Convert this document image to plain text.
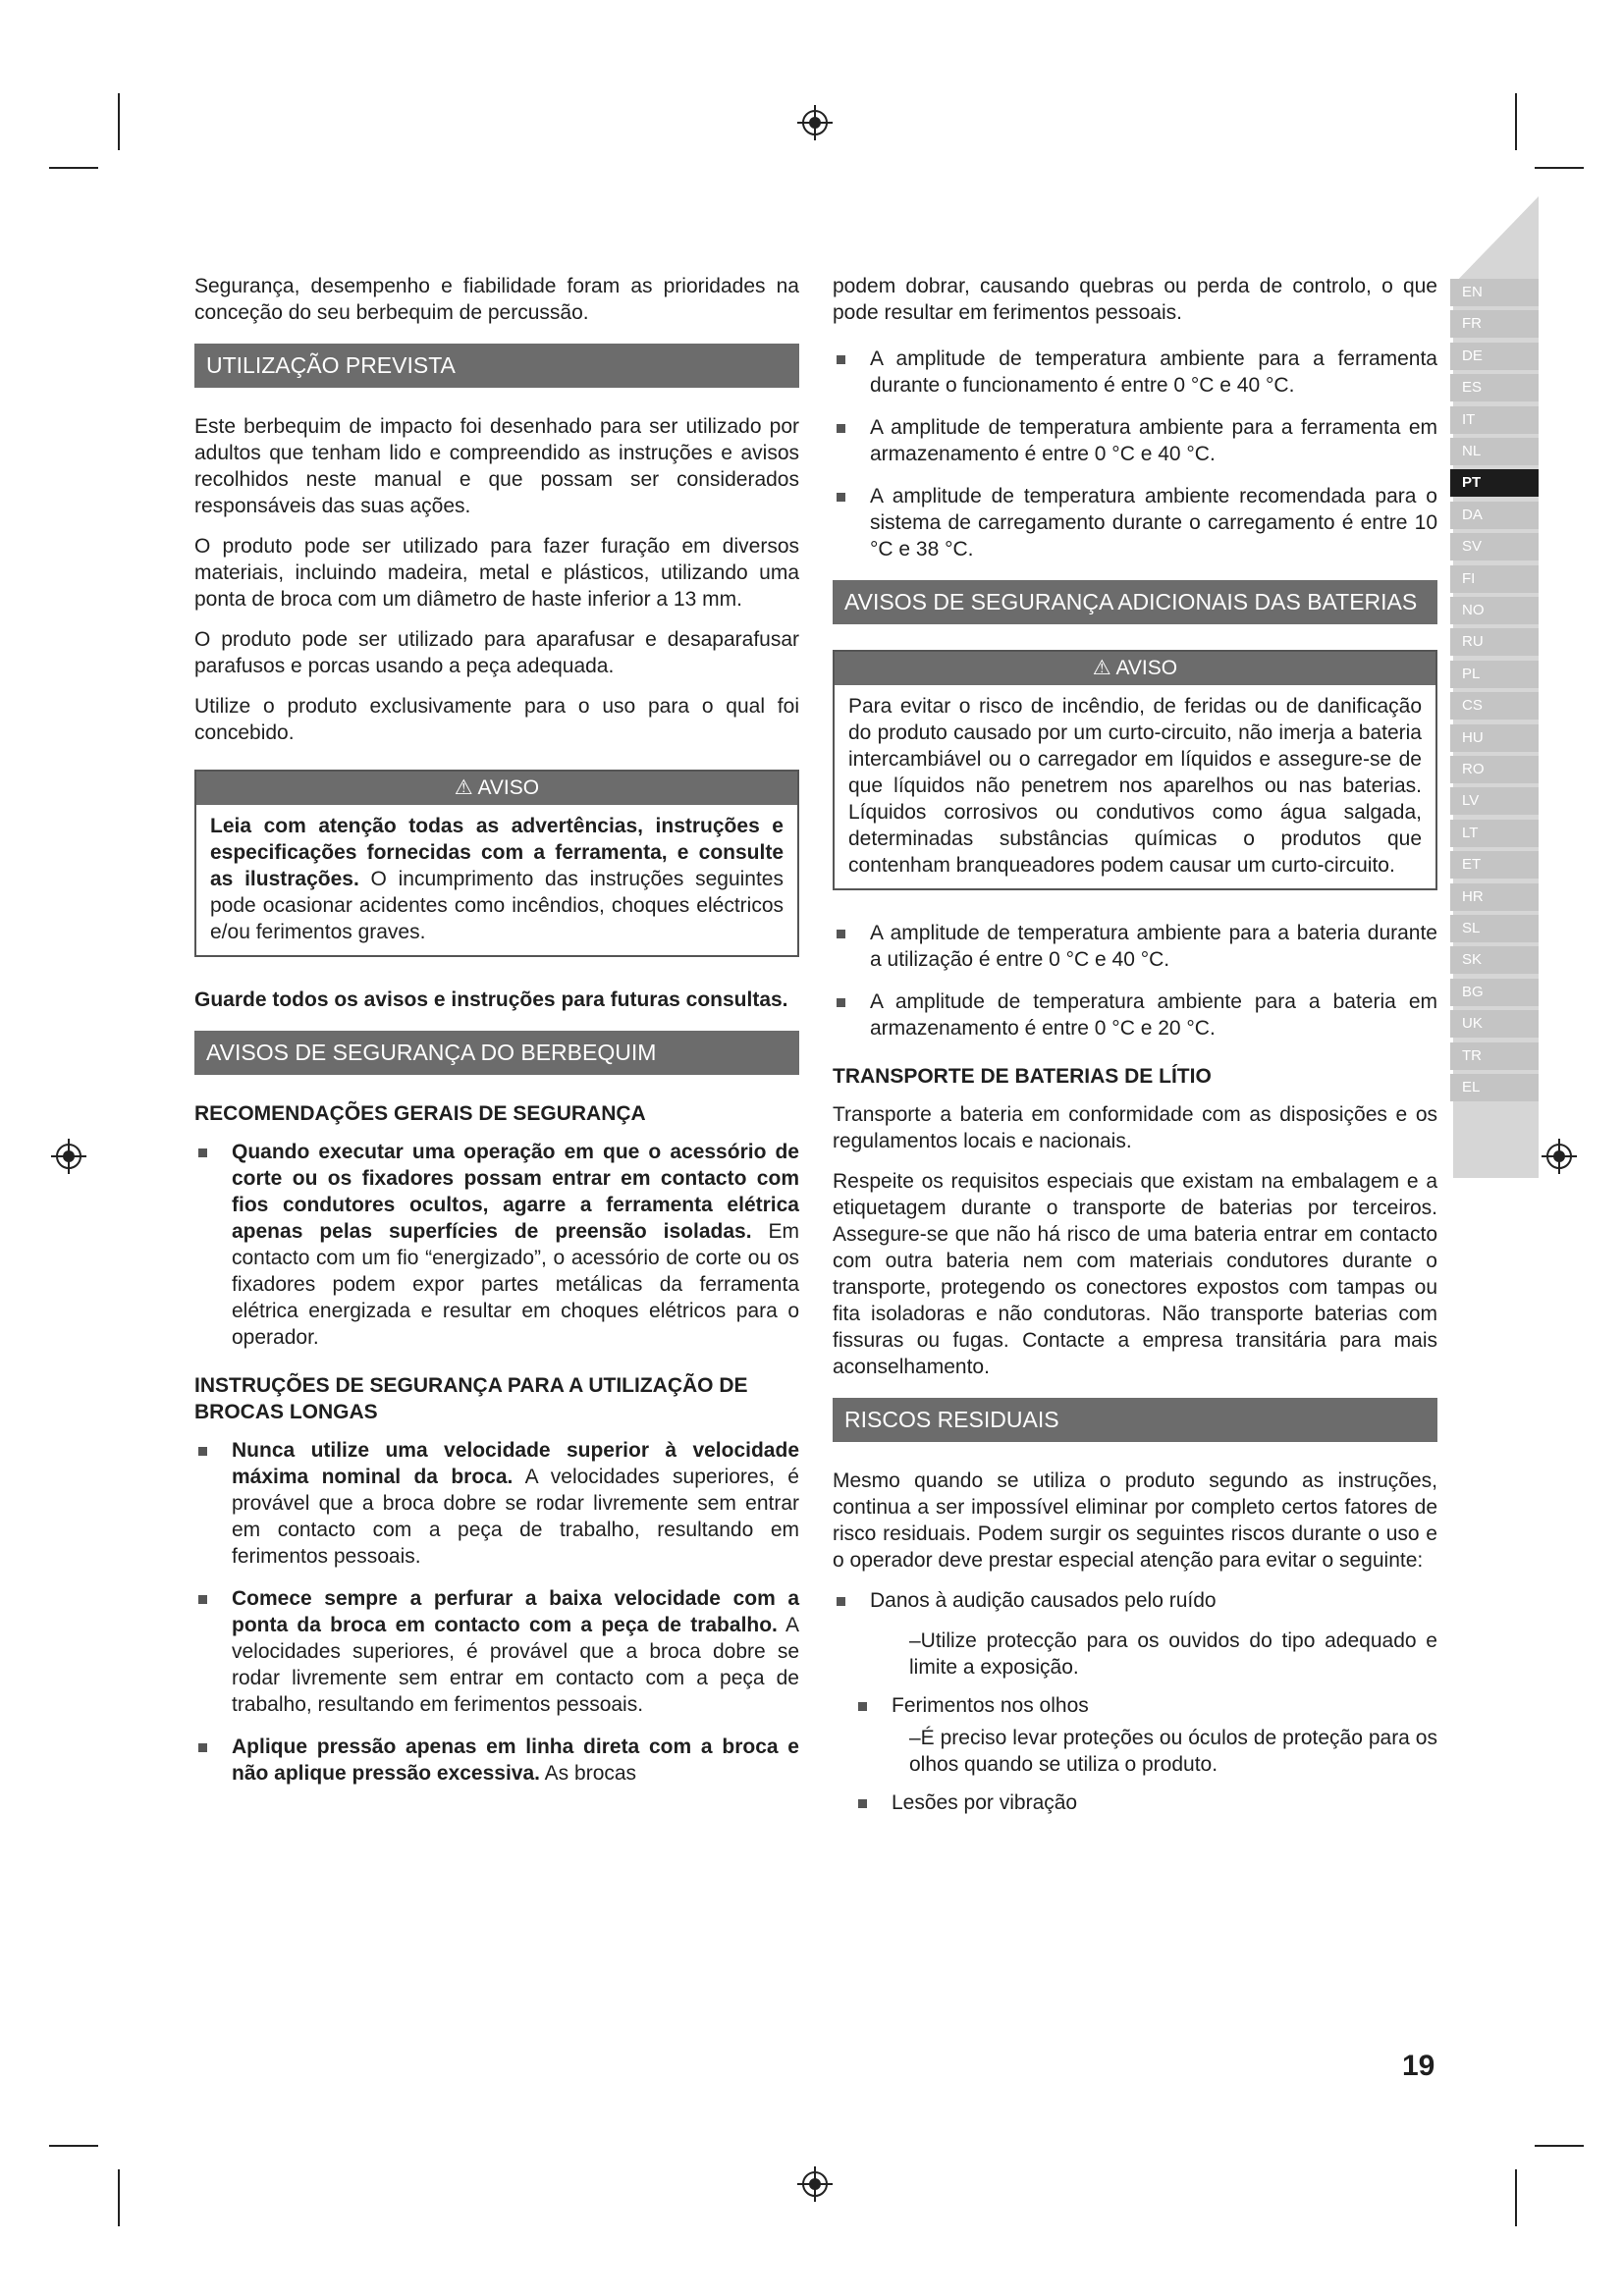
EN
FR
DE
ES
IT
NL
PT
DA
SV
FI
NO
RU
PL
CS
HU
RO
LV
LT
ET
HR
SL
SK
BG
UK
TR
EL

Segurança, desempenho e fiabilidade foram as prioridades na conceção do seu berbequim de percussão.

UTILIZAÇÃO PREVISTA

Este berbequim de impacto foi desenhado para ser utilizado por adultos que tenham lido e compreendido as instruções e avisos recolhidos neste manual e que possam ser considerados responsáveis das suas ações.

O produto pode ser utilizado para fazer furação em diversos materiais, incluindo madeira, metal e plásticos, utilizando uma ponta de broca com um diâmetro de haste inferior a 13 mm.

O produto pode ser utilizado para aparafusar e desaparafusar parafusos e porcas usando a peça adequada.

Utilize o produto exclusivamente para o uso para o qual foi concebido.

⚠ AVISO
Leia com atenção todas as advertências, instruções e especificações fornecidas com a ferramenta, e consulte as ilustrações. O incumprimento das instruções seguintes pode ocasionar acidentes como incêndios, choques eléctricos e/ou ferimentos graves.

Guarde todos os avisos e instruções para futuras consultas.

AVISOS DE SEGURANÇA DO BERBEQUIM
RECOMENDAÇÕES GERAIS DE SEGURANÇA
Quando executar uma operação em que o acessório de corte ou os fixadores possam entrar em contacto com fios condutores ocultos, agarre a ferramenta elétrica apenas pelas superfícies de preensão isoladas. Em contacto com um fio “energizado”, o acessório de corte ou os fixadores podem expor partes metálicas da ferramenta elétrica energizada e resultar em choques elétricos para o operador.
INSTRUÇÕES DE SEGURANÇA PARA A UTILIZAÇÃO DE BROCAS LONGAS
Nunca utilize uma velocidade superior à velocidade máxima nominal da broca. A velocidades superiores, é provável que a broca dobre se rodar livremente sem entrar em contacto com a peça de trabalho, resultando em ferimentos pessoais.
Comece sempre a perfurar a baixa velocidade com a ponta da broca em contacto com a peça de trabalho. A velocidades superiores, é provável que a broca dobre se rodar livremente sem entrar em contacto com a peça de trabalho, resultando em ferimentos pessoais.
Aplique pressão apenas em linha direta com a broca e não aplique pressão excessiva. As brocas

podem dobrar, causando quebras ou perda de controlo, o que pode resultar em ferimentos pessoais.

A amplitude de temperatura ambiente para a ferramenta durante o funcionamento é entre 0 °C e 40 °C.
A amplitude de temperatura ambiente para a ferramenta em armazenamento é entre 0 °C e 40 °C.
A amplitude de temperatura ambiente recomendada para o sistema de carregamento durante o carregamento é entre 10 °C e 38 °C.
AVISOS DE SEGURANÇA ADICIONAIS DAS BATERIAS
⚠ AVISO
Para evitar o risco de incêndio, de feridas ou de danificação do produto causado por um curto-circuito, não imerja a bateria intercambiável ou o carregador em líquidos e assegure-se de que líquidos não penetrem nos aparelhos ou nas baterias. Líquidos corrosivos ou condutivos como água salgada, determinadas substâncias químicas o produtos que contenham branqueadores podem causar um curto-circuito.
A amplitude de temperatura ambiente para a bateria durante a utilização é entre 0 °C e 40 °C.
A amplitude de temperatura ambiente para a bateria em armazenamento é entre 0 °C e 20 °C.
TRANSPORTE DE BATERIAS DE LÍTIO

Transporte a bateria em conformidade com as disposições e os regulamentos locais e nacionais.

Respeite os requisitos especiais que existam na embalagem e a etiquetagem durante o transporte de baterias por terceiros. Assegure-se que não há risco de uma bateria entrar em contacto com outra bateria nem com materiais condutores durante o transporte, protegendo os conectores expostos com tampas ou fita isoladoras e não condutoras. Não transporte baterias com fissuras ou fugas. Contacte a empresa transitária para mais aconselhamento.

RISCOS RESIDUAIS

Mesmo quando se utiliza o produto segundo as instruções, continua a ser impossível eliminar por completo certos fatores de risco residuais. Podem surgir os seguintes riscos durante o uso e o operador deve prestar especial atenção para evitar o seguinte:

Danos à audição causados pelo ruído
–Utilize protecção para os ouvidos do tipo adequado e limite a exposição.
Ferimentos nos olhos
–É preciso levar proteções ou óculos de proteção para os olhos quando se utiliza o produto.
Lesões por vibração
19
